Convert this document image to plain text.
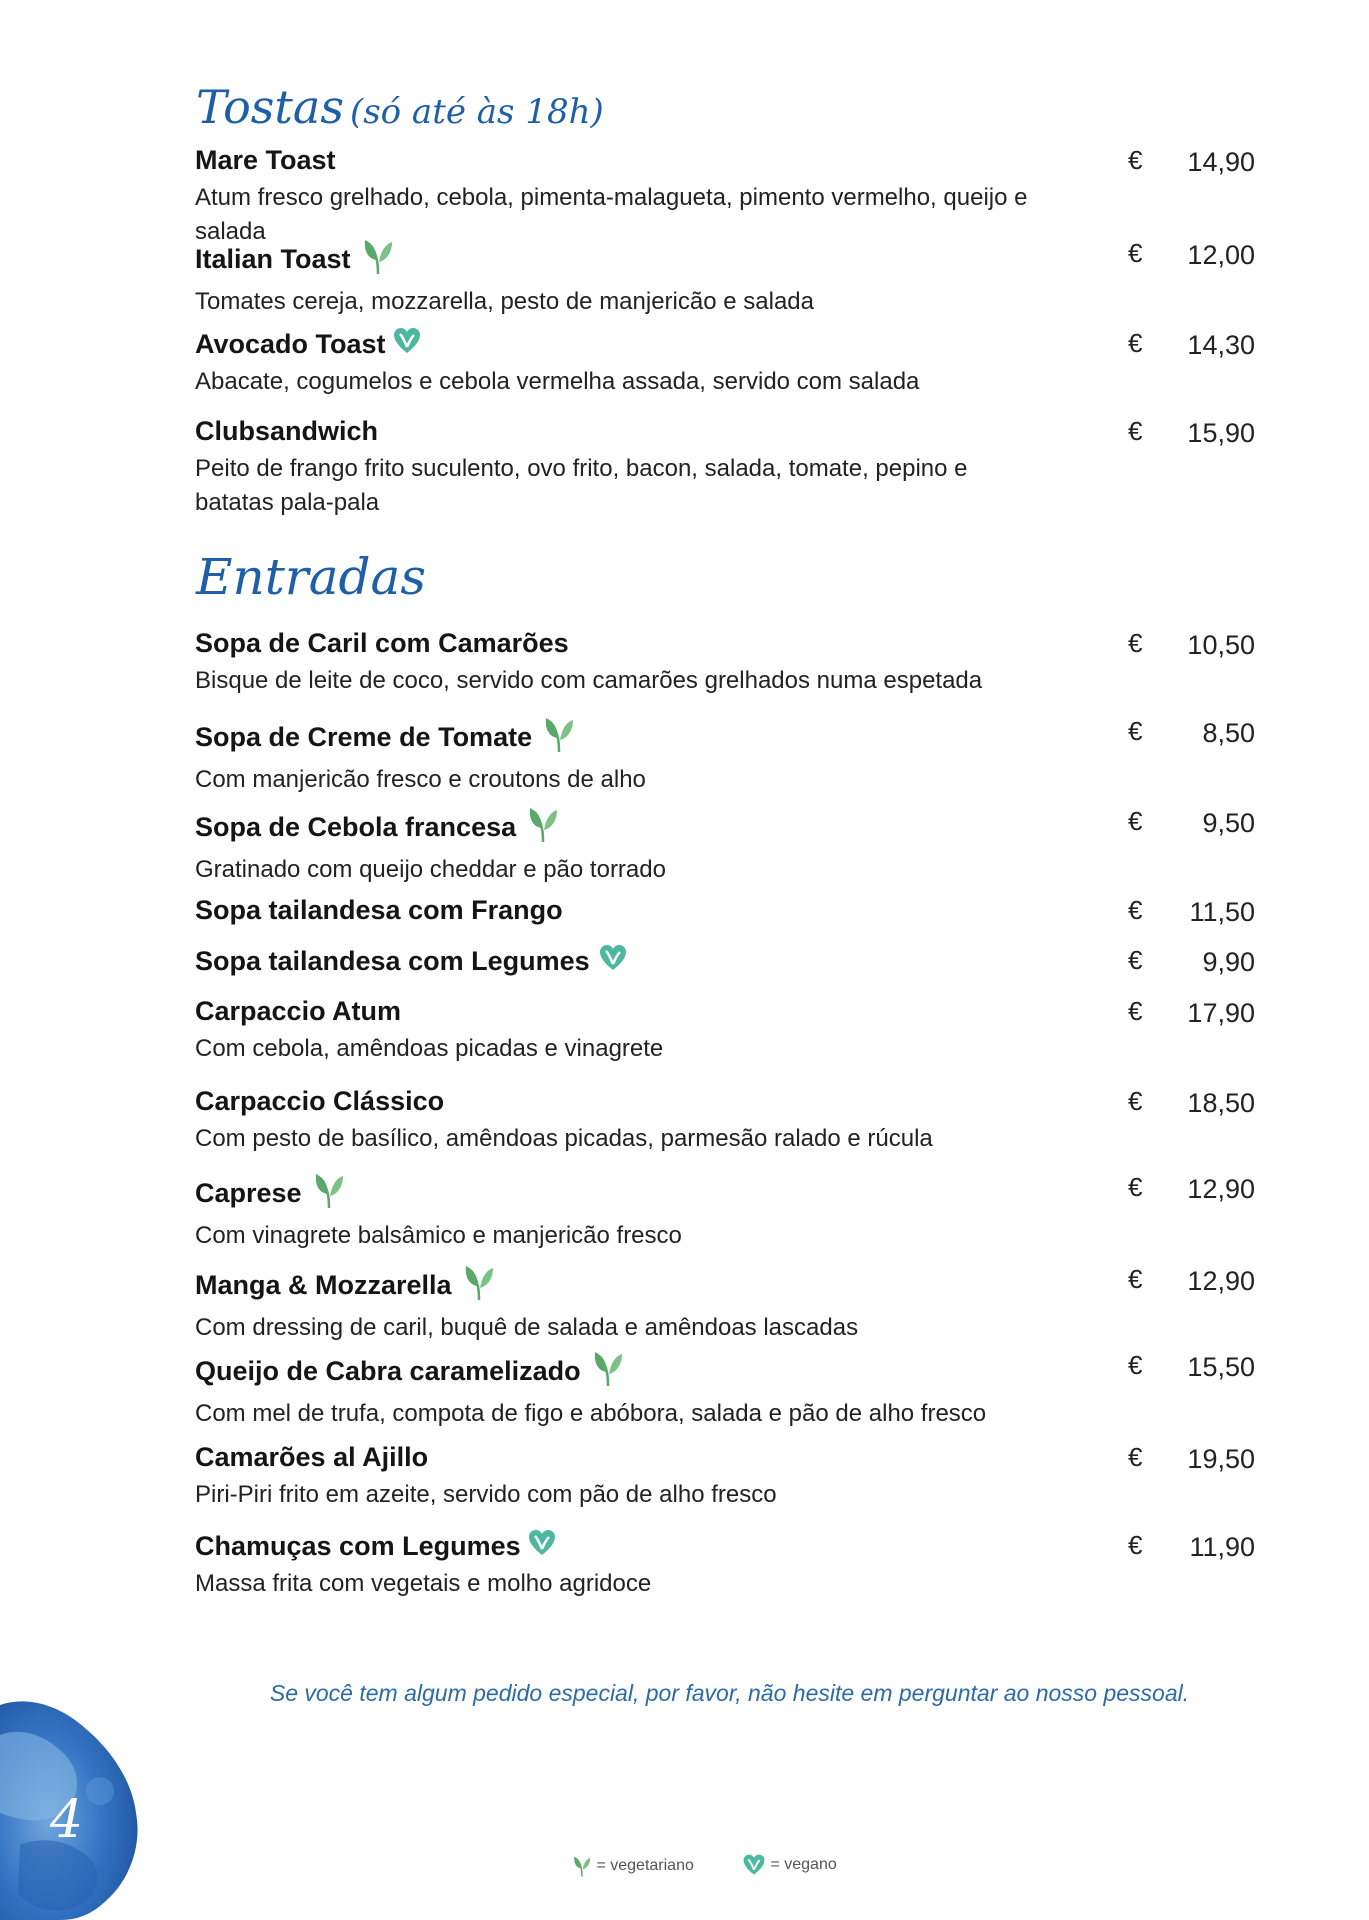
Tostas (só até às 18h)
Entradas
Mare Toast	€ 14,90
Atum fresco grelhado, cebola, pimenta-malagueta, pimento vermelho, queijo e salada
Italian Toast	€ 12,00
Tomates cereja, mozzarella, pesto de manjericão e salada
Avocado Toast	€ 14,30
Abacate, cogumelos e cebola vermelha assada, servido com salada
Clubsandwich	€ 15,90
Peito de frango frito suculento, ovo frito, bacon, salada, tomate, pepino e batatas pala-pala
Sopa de Caril com Camarões	€ 10,50
Bisque de leite de coco, servido com camarões grelhados numa espetada
Sopa de Creme de Tomate	€ 8,50
Com manjericão fresco e croutons de alho
Sopa de Cebola francesa	€ 9,50
Gratinado com queijo cheddar e pão torrado
Sopa tailandesa com Frango	€ 11,50
Sopa tailandesa com Legumes	€ 9,90
Carpaccio Atum	€ 17,90
Com cebola, amêndoas picadas e vinagrete
Carpaccio Clássico	€ 18,50
Com pesto de basílico, amêndoas picadas, parmesão ralado e rúcula
Caprese	€ 12,90
Com vinagrete balsâmico e manjericão fresco
Manga & Mozzarella	€ 12,90
Com dressing de caril, buquê de salada e amêndoas lascadas
Queijo de Cabra caramelizado	€ 15,50
Com mel de trufa, compota de figo e abóbora, salada e pão de alho fresco
Camarões al Ajillo	€ 19,50
Piri-Piri frito em azeite, servido com pão de alho fresco
Chamuças com Legumes	€ 11,90
Massa frita com vegetais e molho agridoce

Se você tem algum pedido especial, por favor, não hesite em perguntar ao nosso pessoal.

4
= vegetariano	= vegano
